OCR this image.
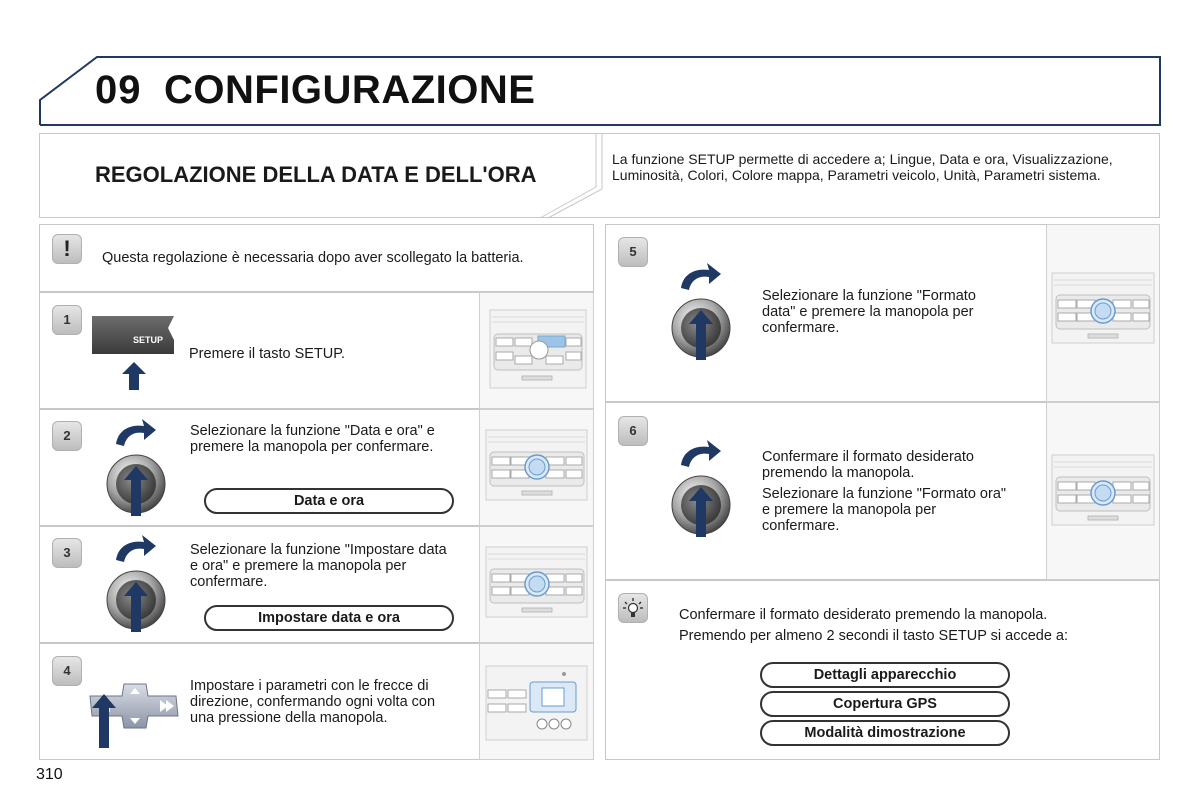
09 CONFIGURAZIONE
REGOLAZIONE DELLA DATA E DELL'ORA
La funzione SETUP permette di accedere a; Lingue, Data e ora, Visualizzazione, Luminosità, Colori, Colore mappa, Parametri veicolo, Unità, Parametri sistema.
!	Questa regolazione è necessaria dopo aver scollegato la batteria.
1
SETUP
Premere il tasto SETUP.
2	Selezionare la funzione "Data e ora" e premere la manopola per confermare.
Data e ora
3	Selezionare la funzione "Impostare data e ora" e premere la manopola per confermare.
Impostare data e ora
4
Impostare i parametri con le frecce di direzione, confermando ogni volta con una pressione della manopola.
5
Selezionare la funzione "Formato data" e premere la manopola per confermare.
6
Confermare il formato desiderato premendo la manopola.
Selezionare la funzione "Formato ora" e premere la manopola per confermare.
Confermare il formato desiderato premendo la manopola.
Premendo per almeno 2 secondi il tasto SETUP si accede a:
Dettagli apparecchio
Copertura GPS
Modalità dimostrazione
310
